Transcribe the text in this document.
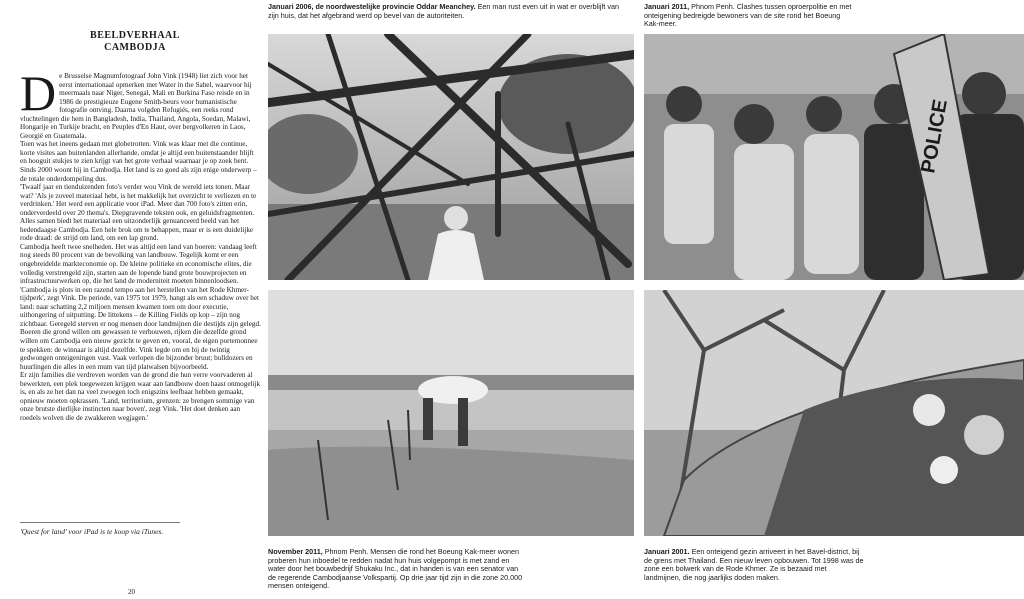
BEELDVERHAAL
CAMBODJA
D e Brusselse Magnumfotograaf John Vink (1948) liet zich voor het eerst internationaal opmerken met Water in the Sahel, waarvoor hij meermaals naar Niger, Senegal, Mali en Burkina Faso reisde en in 1986 de prestigieuze Eugene Smith-beurs voor humanistische fotografie ontving. Daarna volgden Refugiés, een reeks rond vluchtelingen die hem in Bangladesh, India, Thailand, Angola, Soedan, Malawi, Hongarije en Turkije bracht, en Peuples d'En Haut, over bergvolkeren in Laos, Georgië en Guatemala.

Toen was het ineens gedaan met globetrotten. Vink was klaar met die continue, korte visites aan buitenlanden allerhande, omdat je altijd een buitenstaander blijft en hooguit stukjes te zien krijgt van het grote verhaal waarnaar je op zoek bent. Sinds 2000 woont hij in Cambodja. Het land is zo goed als zijn enige onderwerp – de totale onderdompeling dus.

'Twaalf jaar en tienduizenden foto's verder wou Vink de wereld iets tonen. Maar wat? 'Als je zoveel materiaal hebt, is het makkelijk het overzicht te verliezen en te verdrinken.' Het werd een applicatie voor iPad. Meer dan 700 foto's zitten erin, onderverdeeld over 20 thema's. Diepgravende teksten ook, en geluidsfragmenten. Alles samen biedt het materiaal een uitzonderlijk genuanceerd beeld van het hedendaagse Cambodja. Een hele brok om te behappen, maar er is een duidelijke rode draad: de strijd om land, om een lap grond.

Cambodja heeft twee snelheden. Het was altijd een land van boeren: vandaag leeft nog steeds 80 procent van de bevolking van landbouw. Tegelijk komt er een ongebreidelde markteconomie op. De kleine politieke en economische elites, die volledig verstrengeld zijn, starten aan de lopende band grote bouwprojecten en infrastructuurwerken op, die het land de moderniteit moeten binnenloodsen.

'Cambodja is plots in een razend tempo aan het herstellen van het Rode Khmer-tijdperk', zegt Vink. De periode, van 1975 tot 1979, hangt als een schaduw over het land: naar schatting 2,2 miljoen mensen kwamen toen om door executie, uithongering of uitputting. De littekens – de Killing Fields op kop – zijn nog zichtbaar. Geregeld sterven er nog mensen door landmijnen die destijds zijn gelegd.

Boeren die grond willen om gewassen te verbouwen, rijken die dezelfde grond willen om Cambodja een nieuw gezicht te geven en, vooral, de eigen portemonnee te spekken: de winnaar is altijd dezelfde. Vink legde om en bij de twintig gedwongen onteigeningen vast. Vaak verlopen die bijzonder bruut; bulldozers en huurlingen die alles in een mum van tijd platwalsen bijvoorbeeld.

Er zijn families die verdreven worden van de grond die hun verre voorvaderen al bewerkten, een plek toegewezen krijgen waar aan landbouw doen haast onmogelijk is, en als ze het dan na veel zwoegen toch enigszins leefbaar hebben gemaakt, opnieuw moeten opkrassen. 'Land, territorium, grenzen: ze brengen sommige van onze brutste dierlijke instincten naar boven', zegt Vink. 'Het doet denken aan roedels wolven die de zwakkeren wegjagen.'

'Quest for land' voor iPad is te koop via iTunes.
20
Januari 2006, de noordwestelijke provincie Oddar Meanchey. Een man rust even uit in wat er overblijft van zijn huis, dat het afgebrand werd op bevel van de autoriteiten.
Januari 2011, Phnom Penh. Clashes tussen oproerpolitie en met onteigening bedreigde bewoners van de site rond het Boeung Kak-meer.
November 2011, Phnom Penh. Mensen die rond het Boeung Kak-meer wonen proberen hun inboedel te redden nadat hun huis volgepompt is met zand en water door het bouwbedrijf Shukaku Inc., dat in handen is van een senator van de regerende Cambodjaanse Volkspartij. Op drie jaar tijd zijn in die zone 20.000 mensen onteigend.
Januari 2001. Een onteigend gezin arriveert in het Bavel-district, bij de grens met Thailand. Een nieuw leven opbouwen. Tot 1998 was de zone een bolwerk van de Rode Khmer. Ze is bezaaid met landmijnen, die nog jaarlijks doden maken.
POLICE
